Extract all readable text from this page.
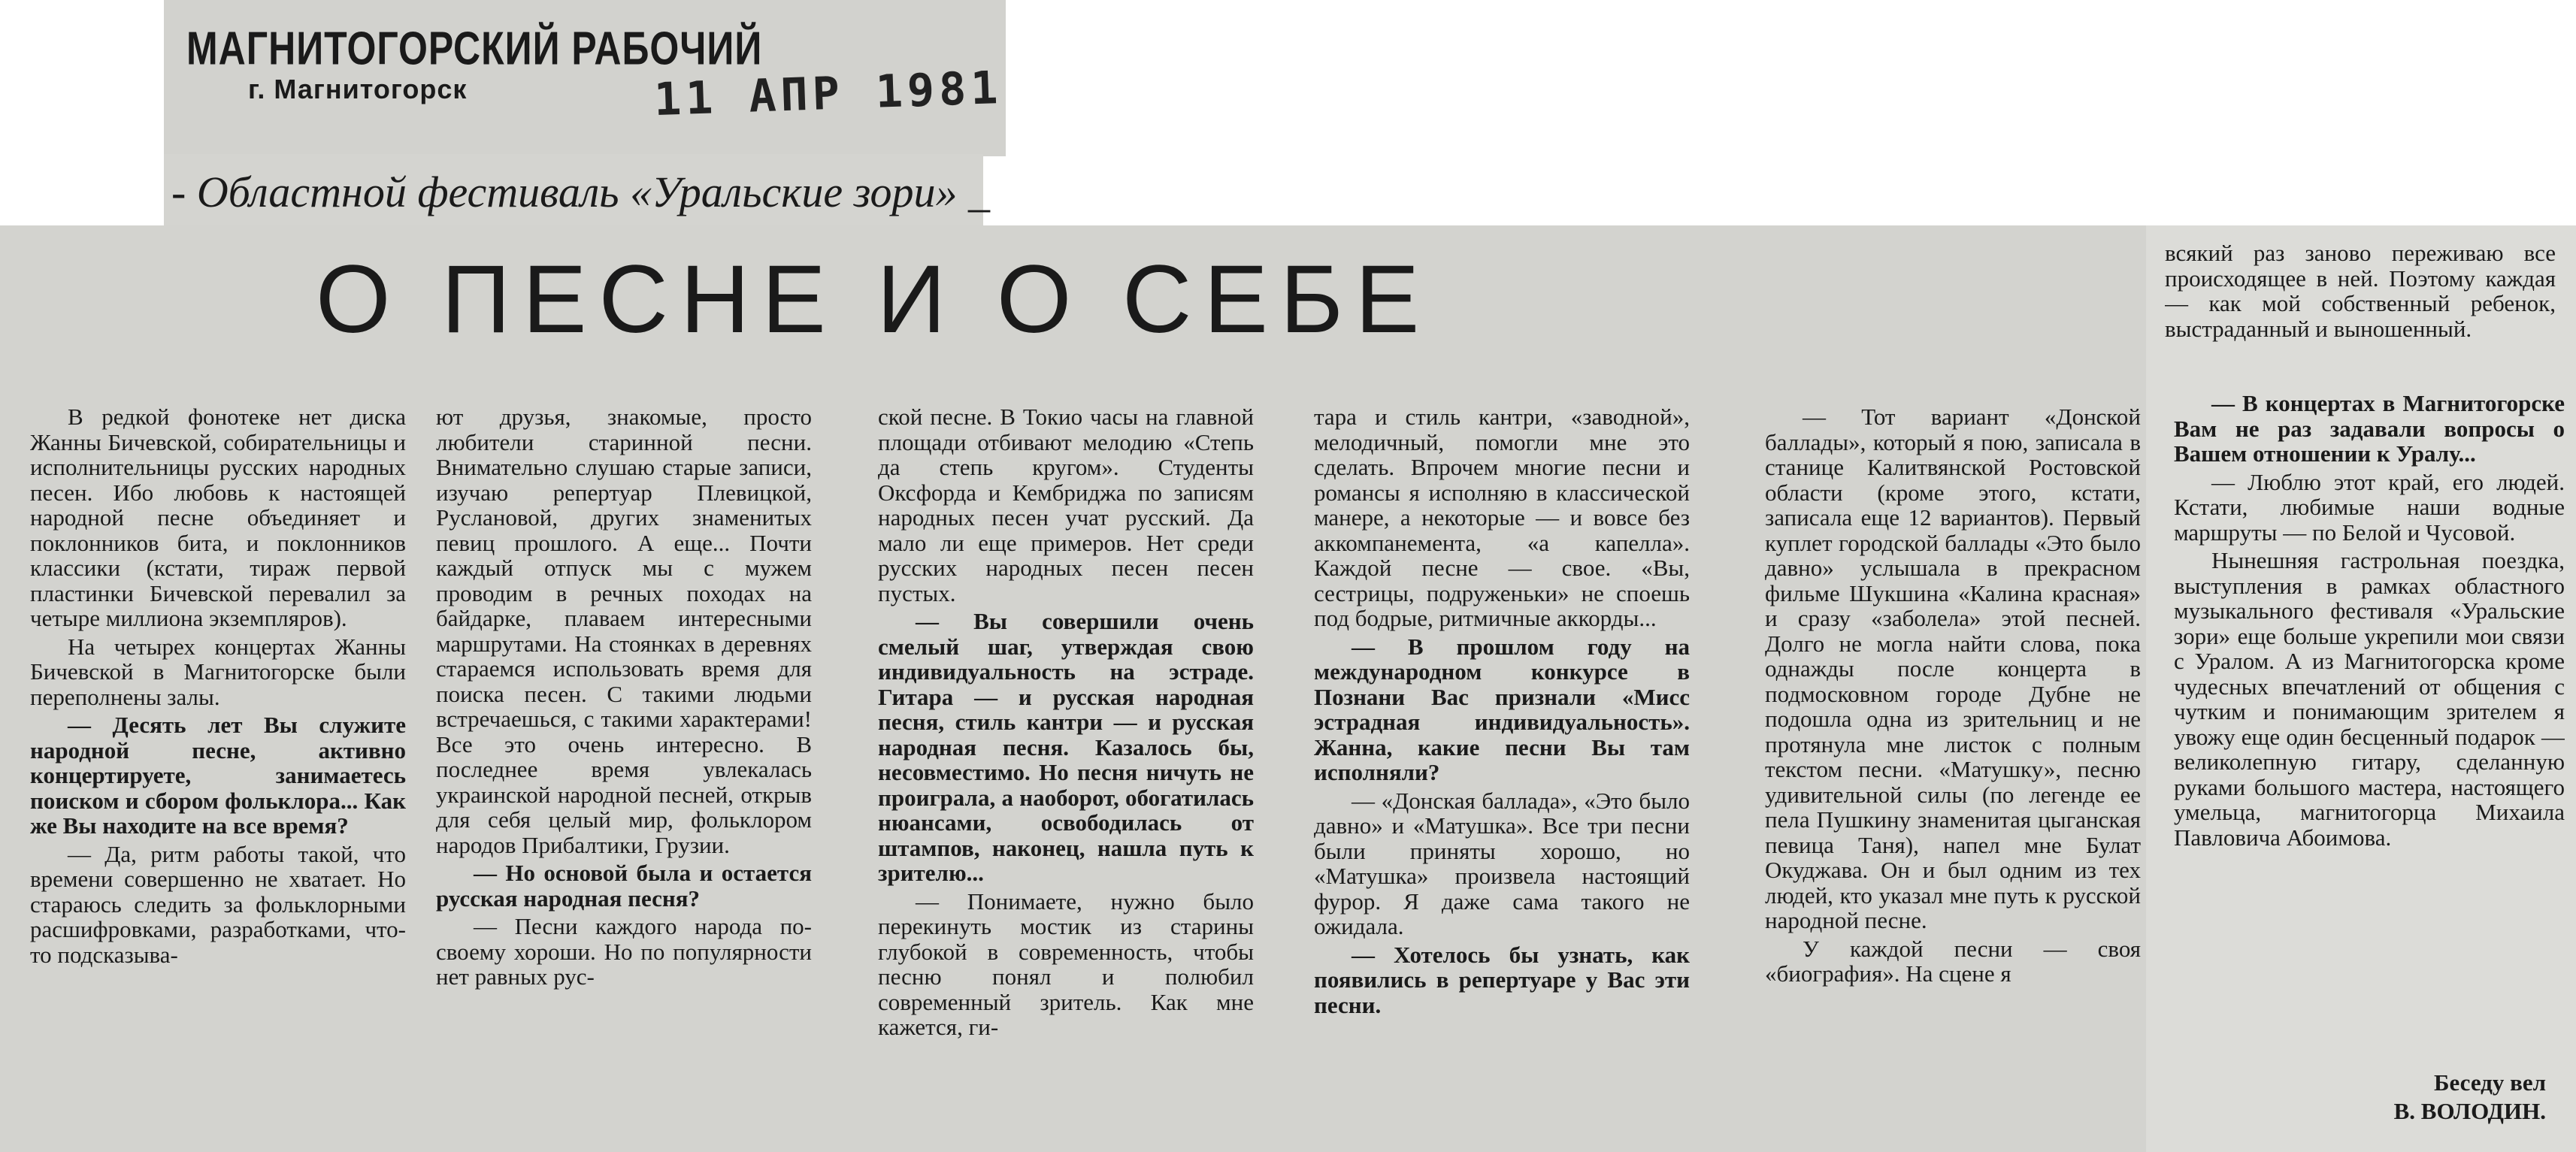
МАГНИТОГОРСКИЙ РАБОЧИЙ
г. Магнитогорск	11 АПР 1981
- Областной фестиваль «Уральские зори» _
О ПЕСНЕ И О СЕБЕ

В редкой фонотеке нет диска Жанны Бичевской, собирательницы и исполнительницы русских народных песен. Ибо любовь к настоящей народной песне объединяет и поклонников бита, и поклонников классики (кстати, тираж первой пластинки Бичевской перевалил за четыре миллиона экземпляров).

На четырех концертах Жанны Бичевской в Магнитогорске были переполнены залы.

— Десять лет Вы служите народной песне, активно концертируете, занимаетесь поиском и сбором фольклора... Как же Вы находите на все время?

— Да, ритм работы такой, что времени совершенно не хватает. Но стараюсь следить за фольклорными расшифровками, разработками, что-то подсказыва-

ют друзья, знакомые, просто любители старинной песни. Внимательно слушаю старые записи, изучаю репертуар Плевицкой, Руслановой, других знаменитых певиц прошлого. А еще... Почти каждый отпуск мы с мужем проводим в речных походах на байдарке, плаваем интересными маршрутами. На стоянках в деревнях стараемся использовать время для поиска песен. С такими людьми встречаешься, с такими характерами! Все это очень интересно. В последнее время увлекалась украинской народной песней, открыв для себя целый мир, фольклором народов Прибалтики, Грузии.

— Но основой была и остается русская народная песня?

— Песни каждого народа по-своему хороши. Но по популярности нет равных рус-

ской песне. В Токио часы на главной площади отбивают мелодию «Степь да степь кругом». Студенты Оксфорда и Кембриджа по записям народных песен учат русский. Да мало ли еще примеров. Нет среди русских народных песен песен пустых.

— Вы совершили очень смелый шаг, утверждая свою индивидуальность на эстраде. Гитара — и русская народная песня, стиль кантри — и русская народная песня. Казалось бы, несовместимо. Но песня ничуть не проиграла, а наоборот, обогатилась нюансами, освободилась от штампов, наконец, нашла путь к зрителю...

— Понимаете, нужно было перекинуть мостик из старины глубокой в современность, чтобы песню понял и полюбил современный зритель. Как мне кажется, ги-

тара и стиль кантри, «заводной», мелодичный, помогли мне это сделать. Впрочем многие песни и романсы я исполняю в классической манере, а некоторые — и вовсе без аккомпанемента, «а капелла». Каждой песне — свое. «Вы, сестрицы, подруженьки» не споешь под бодрые, ритмичные аккорды...

— В прошлом году на международном конкурсе в Познани Вас признали «Мисс эстрадная индивидуальность». Жанна, какие песни Вы там исполняли?

— «Донская баллада», «Это было давно» и «Матушка». Все три песни были приняты хорошо, но «Матушка» произвела настоящий фурор. Я даже сама такого не ожидала.

— Хотелось бы узнать, как появились в репертуаре у Вас эти песни.

— Тот вариант «Донской баллады», который я пою, записала в станице Калитвянской Ростовской области (кроме этого, кстати, записала еще 12 вариантов). Первый куплет городской баллады «Это было давно» услышала в прекрасном фильме Шукшина «Калина красная» и сразу «заболела» этой песней. Долго не могла найти слова, пока однажды после концерта в подмосковном городе Дубне не подошла одна из зрительниц и не протянула мне листок с полным текстом песни. «Матушку», песню удивительной силы (по легенде ее пела Пушкину знаменитая цыганская певица Таня), напел мне Булат Окуджава. Он и был одним из тех людей, кто указал мне путь к русской народной песне.

У каждой песни — своя «биография». На сцене я

всякий раз заново переживаю все происходящее в ней. Поэтому каждая — как мой собственный ребенок, выстраданный и выношенный.

— В концертах в Магнитогорске Вам не раз задавали вопросы о Вашем отношении к Уралу...

— Люблю этот край, его людей. Кстати, любимые наши водные маршруты — по Белой и Чусовой.

Нынешняя гастрольная поездка, выступления в рамках областного музыкального фестиваля «Уральские зори» еще больше укрепили мои связи с Уралом. А из Магнитогорска кроме чудесных впечатлений от общения с чутким и понимающим зрителем я увожу еще один бесценный подарок — великолепную гитару, сделанную руками большого мастера, настоящего умельца, магнитогорца Михаила Павловича Абоимова.

Беседу вел
В. ВОЛОДИН.
